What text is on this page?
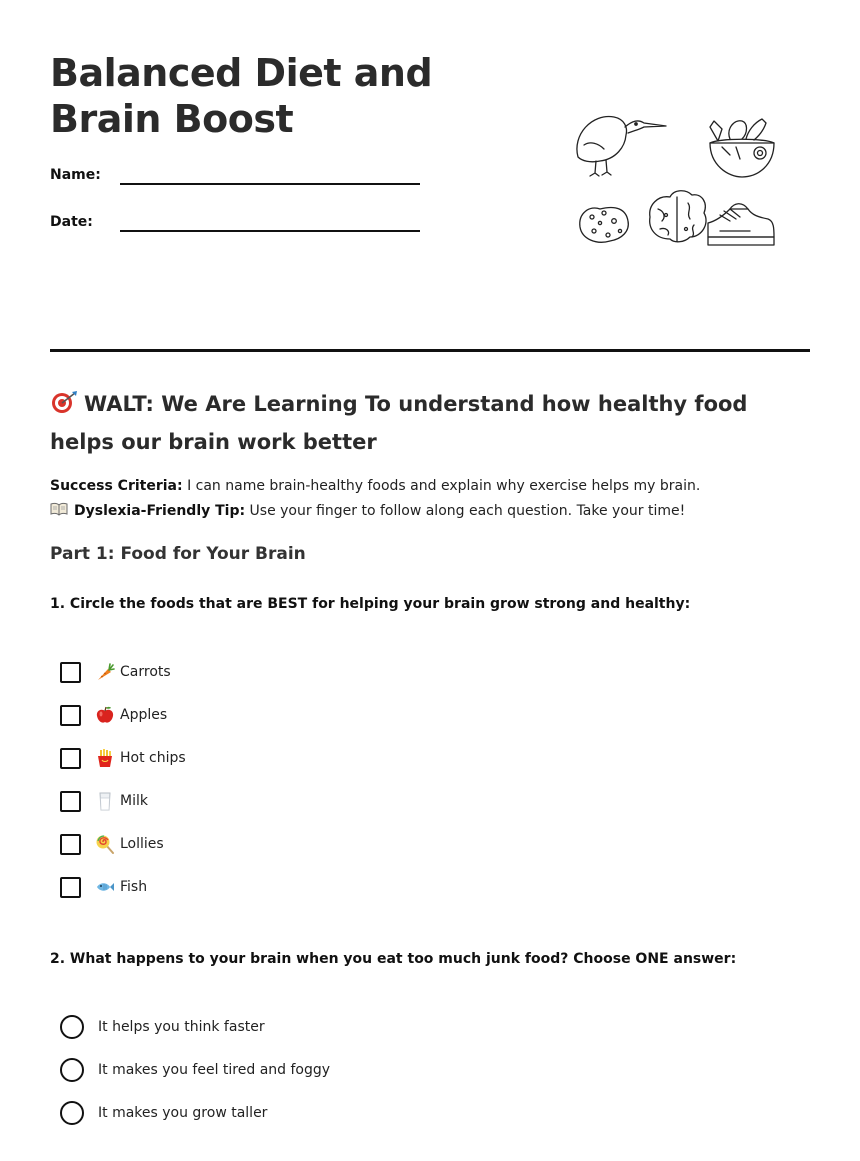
Balanced Diet and Brain Boost
Name:
Date:
WALT: We Are Learning To understand how healthy food helps our brain work better
Success Criteria: I can name brain-healthy foods and explain why exercise helps my brain.
Dyslexia-Friendly Tip: Use your finger to follow along each question. Take your time!
Part 1: Food for Your Brain
1. Circle the foods that are BEST for helping your brain grow strong and healthy:
Carrots
Apples
Hot chips
Milk
Lollies
Fish
2. What happens to your brain when you eat too much junk food? Choose ONE answer:
It helps you think faster
It makes you feel tired and foggy
It makes you grow taller
